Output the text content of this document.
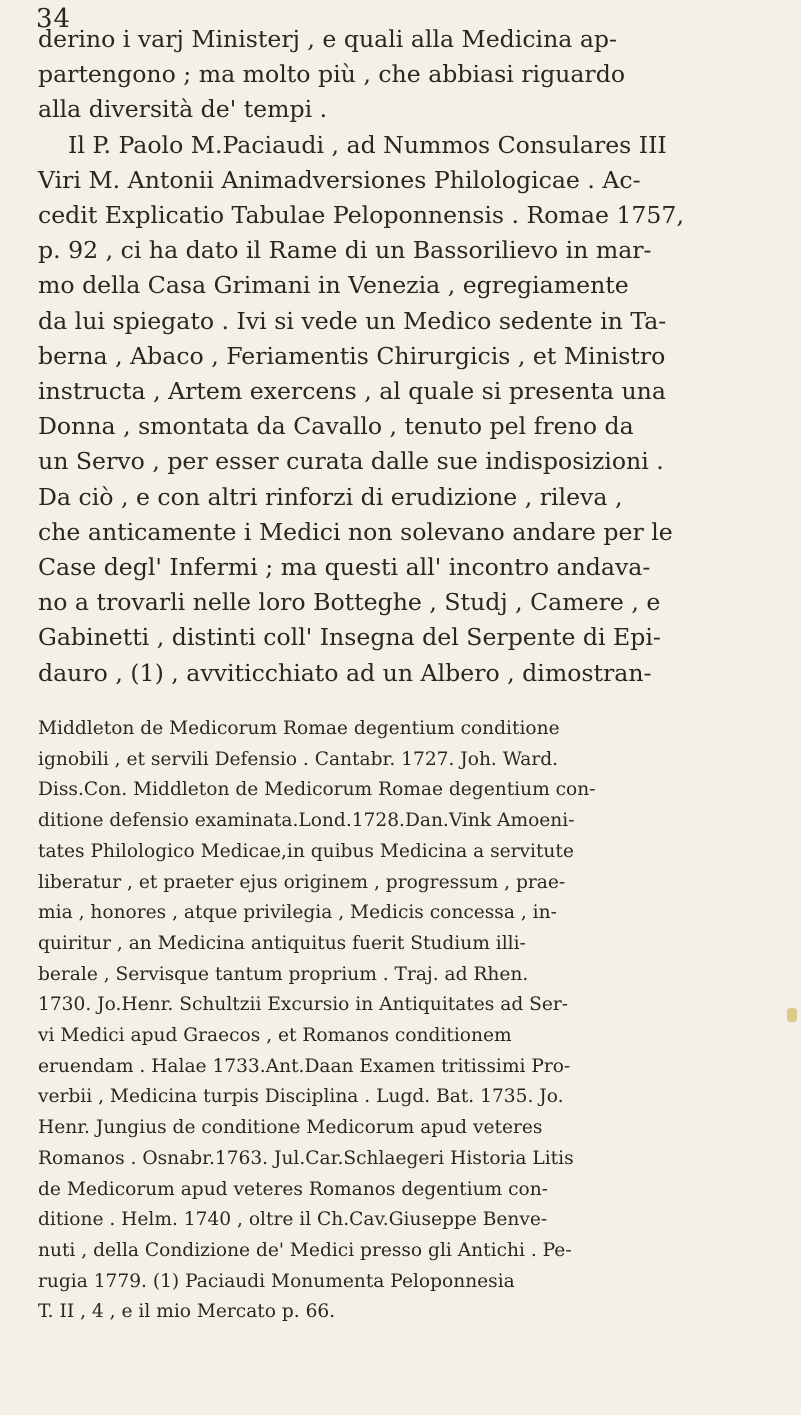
34
derino i varj Ministerj , e quali alla Medicina ap-
partengono ; ma molto più , che abbiasi riguardo
alla diversità de' tempi .
Il P. Paolo M.Paciaudi , ad Nummos Consulares III
Viri M. Antonii Animadversiones Philologicae . Ac-
cedit Explicatio Tabulae Peloponnensis . Romae 1757,
p. 92 , ci ha dato il Rame di un Bassorilievo in mar-
mo della Casa Grimani in Venezia , egregiamente
da lui spiegato . Ivi si vede un Medico sedente in Ta-
berna , Abaco , Feriamentis Chirurgicis , et Ministro
instructa , Artem exercens , al quale si presenta una
Donna , smontata da Cavallo , tenuto pel freno da
un Servo , per esser curata dalle sue indisposizioni .
Da ciò , e con altri rinforzi di erudizione , rileva ,
che anticamente i Medici non solevano andare per le
Case degl' Infermi ; ma questi all' incontro andava-
no a trovarli nelle loro Botteghe , Studj , Camere , e
Gabinetti , distinti coll' Insegna del Serpente di Epi-
dauro , (1) , avviticchiato ad un Albero , dimostran-
Middleton de Medicorum Romae degentium conditione
ignobili , et servili Defensio . Cantabr. 1727. Joh. Ward.
Diss.Con. Middleton de Medicorum Romae degentium con-
ditione defensio examinata.Lond.1728.Dan.Vink Amoeni-
tates Philologico Medicae,in quibus Medicina a servitute
liberatur , et praeter ejus originem , progressum , prae-
mia , honores , atque privilegia , Medicis concessa , in-
quiritur , an Medicina antiquitus fuerit Studium illi-
berale , Servisque tantum proprium . Traj. ad Rhen.
1730. Jo.Henr. Schultzii Excursio in Antiquitates ad Ser-
vi Medici apud Graecos , et Romanos conditionem
eruendam . Halae 1733.Ant.Daan Examen tritissimi Pro-
verbii , Medicina turpis Disciplina . Lugd. Bat. 1735. Jo.
Henr. Jungius de conditione Medicorum apud veteres
Romanos . Osnabr.1763. Jul.Car.Schlaegeri Historia Litis
de Medicorum apud veteres Romanos degentium con-
ditione . Helm. 1740 , oltre il Ch.Cav.Giuseppe Benve-
nuti , della Condizione de' Medici presso gli Antichi . Pe-
rugia 1779. (1) Paciaudi Monumenta Peloponnesia
T. II , 4 , e il mio Mercato p. 66.
